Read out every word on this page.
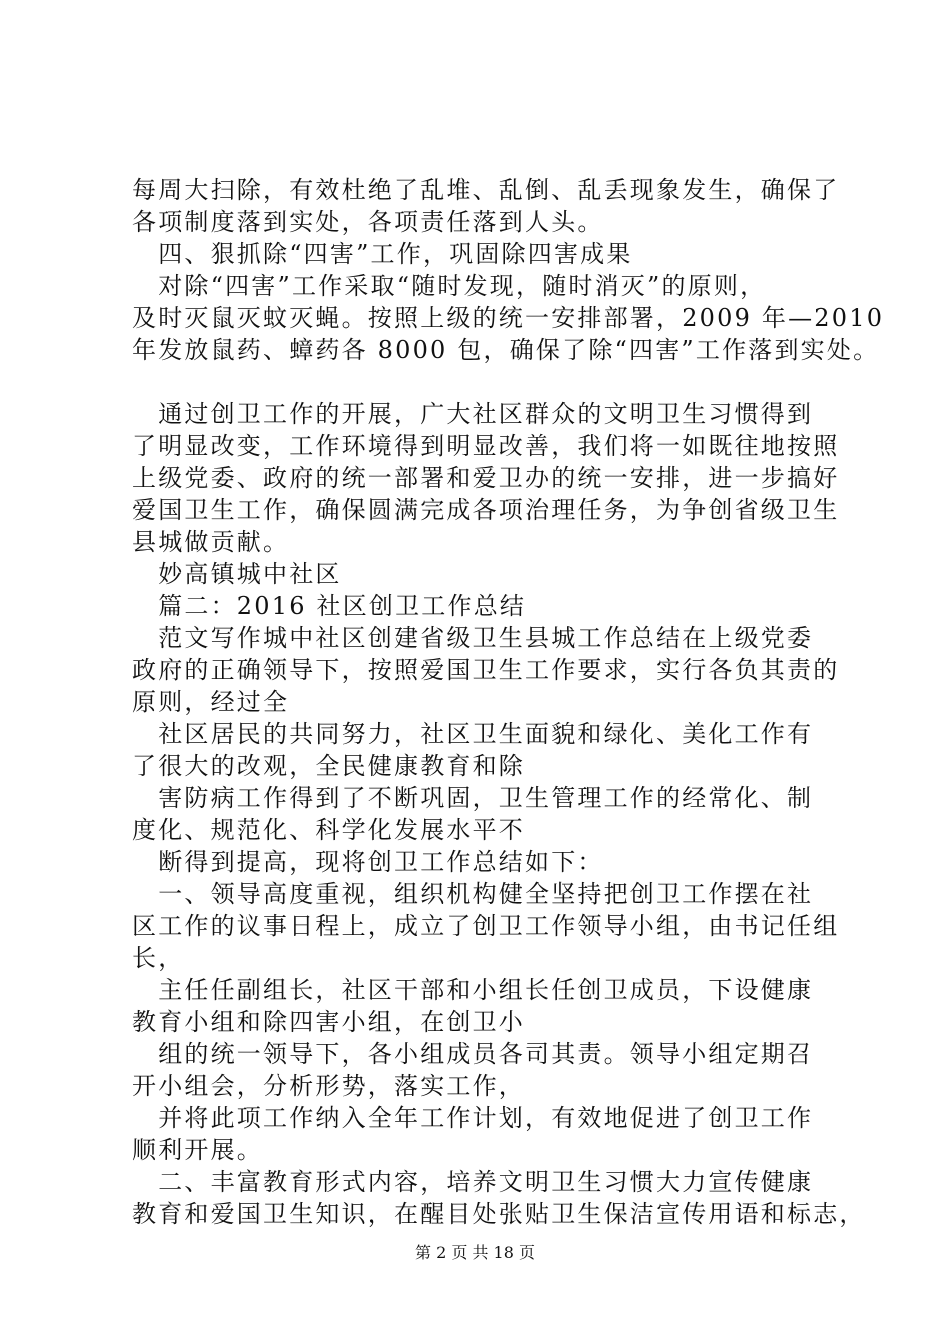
每周大扫除，有效杜绝了乱堆、乱倒、乱丢现象发生，确保了
各项制度落到实处，各项责任落到人头。
　四、狠抓除“四害”工作，巩固除四害成果
　对除“四害”工作采取“随时发现，随时消灭”的原则，
及时灭鼠灭蚊灭蝇。按照上级的统一安排部署，2009 年—2010
年发放鼠药、蟑药各 8000 包，确保了除“四害”工作落到实处。
　通过创卫工作的开展，广大社区群众的文明卫生习惯得到
了明显改变，工作环境得到明显改善，我们将一如既往地按照
上级党委、政府的统一部署和爱卫办的统一安排，进一步搞好
爱国卫生工作，确保圆满完成各项治理任务，为争创省级卫生
县城做贡献。
　妙高镇城中社区
　篇二：2016 社区创卫工作总结
　范文写作城中社区创建省级卫生县城工作总结在上级党委
政府的正确领导下，按照爱国卫生工作要求，实行各负其责的
原则，经过全
　社区居民的共同努力，社区卫生面貌和绿化、美化工作有
了很大的改观，全民健康教育和除
　害防病工作得到了不断巩固，卫生管理工作的经常化、制
度化、规范化、科学化发展水平不
　断得到提高，现将创卫工作总结如下：
　一、领导高度重视，组织机构健全坚持把创卫工作摆在社
区工作的议事日程上，成立了创卫工作领导小组，由书记任组
长，
　主任任副组长，社区干部和小组长任创卫成员，下设健康
教育小组和除四害小组，在创卫小
　组的统一领导下，各小组成员各司其责。领导小组定期召
开小组会，分析形势，落实工作，
第 2 页 共 18 页
　并将此项工作纳入全年工作计划，有效地促进了创卫工作
顺利开展。
　二、丰富教育形式内容，培养文明卫生习惯大力宣传健康
教育和爱国卫生知识，在醒目处张贴卫生保洁宣传用语和标志，
